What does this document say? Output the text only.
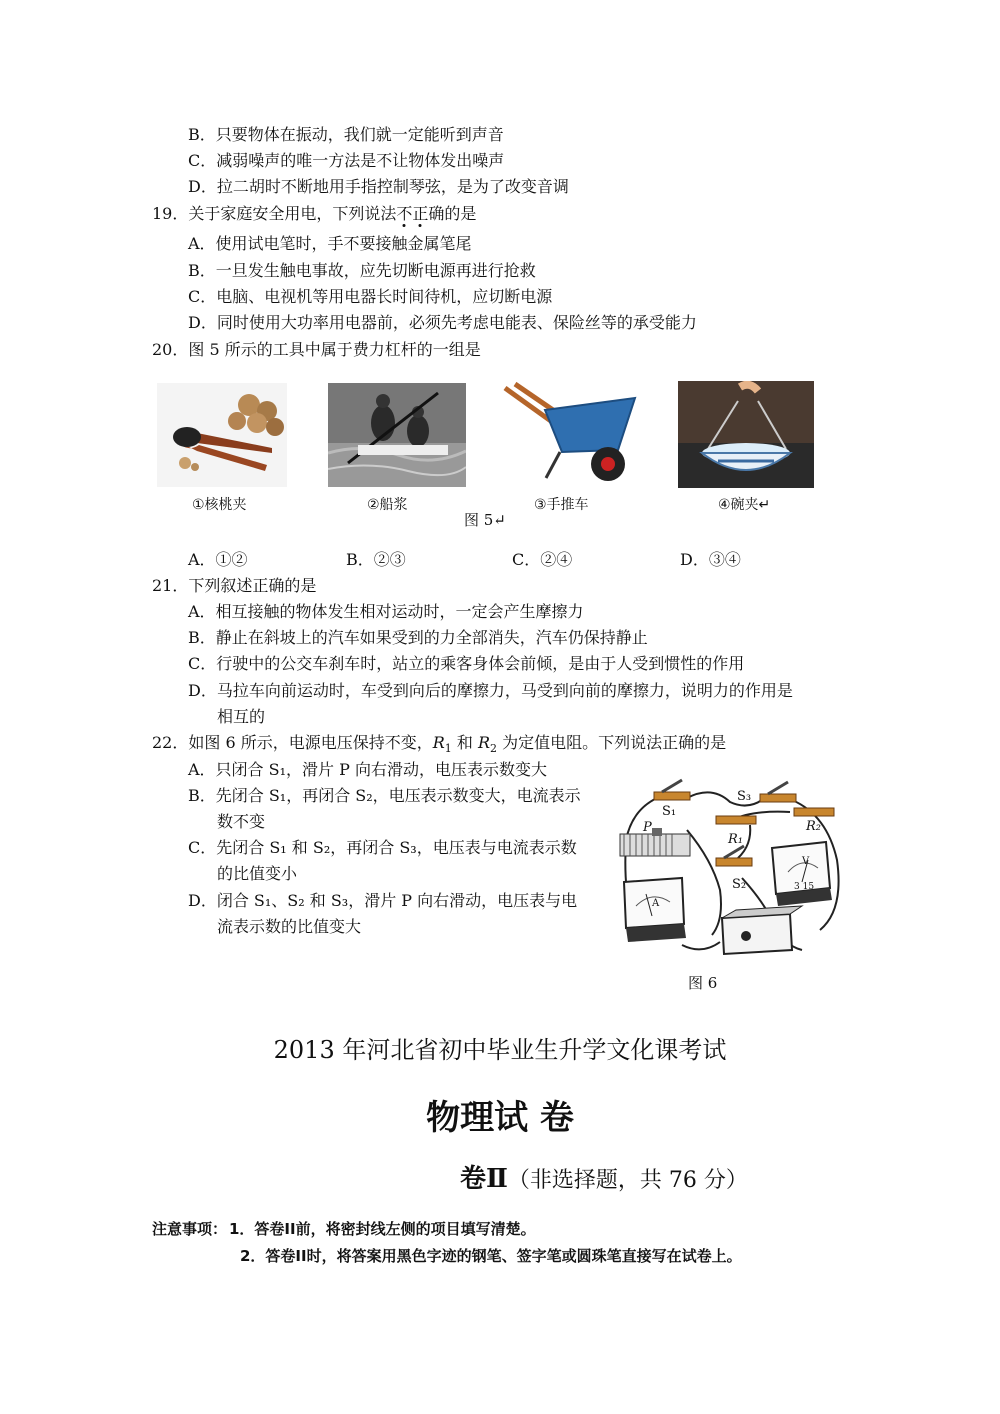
B．只要物体在振动，我们就一定能听到声音
C．减弱噪声的唯一方法是不让物体发出噪声
D．拉二胡时不断地用手指控制琴弦，是为了改变音调
19．关于家庭安全用电，下列说法不正确的是
A．使用试电笔时，手不要接触金属笔尾
B．一旦发生触电事故，应先切断电源再进行抢救
C．电脑、电视机等用电器长时间待机，应切断电源
D．同时使用大功率用电器前，必须先考虑电能表、保险丝等的承受能力
20．图 5 所示的工具中属于费力杠杆的一组是
①核桃夹	②船浆	③手推车	④碗夹↵
图 5↵
A．①②	B．②③	C．②④	D．③④
21．下列叙述正确的是
A．相互接触的物体发生相对运动时，一定会产生摩擦力
B．静止在斜坡上的汽车如果受到的力全部消失，汽车仍保持静止
C．行驶中的公交车刹车时，站立的乘客身体会前倾，是由于人受到惯性的作用
D．马拉车向前运动时，车受到向后的摩擦力，马受到向前的摩擦力，说明力的作用是
相互的
22．如图 6 所示，电源电压保持不变，$R_1$ 和 $R_2$ 为定值电阻。下列说法正确的是
A．只闭合 S₁，滑片 P 向右滑动，电压表示数变大
B．先闭合 S₁，再闭合 S₂，电压表示数变大，电流表示
数不变
C．先闭合 S₁ 和 S₂，再闭合 S₃，电压表与电流表示数
的比值变小
D．闭合 S₁、S₂ 和 S₃，滑片 P 向右滑动，电压表与电
流表示数的比值变大
S₁
S₃
R₁
R₂
S₂
P
V
A
3 15
图 6
2013 年河北省初中毕业生升学文化课考试
物理试 卷
卷Ⅱ（非选择题，共 76 分）
注意事项： 1．答卷II前，将密封线左侧的项目填写清楚。
2．答卷II时，将答案用黑色字迹的钢笔、签字笔或圆珠笔直接写在试卷上。
